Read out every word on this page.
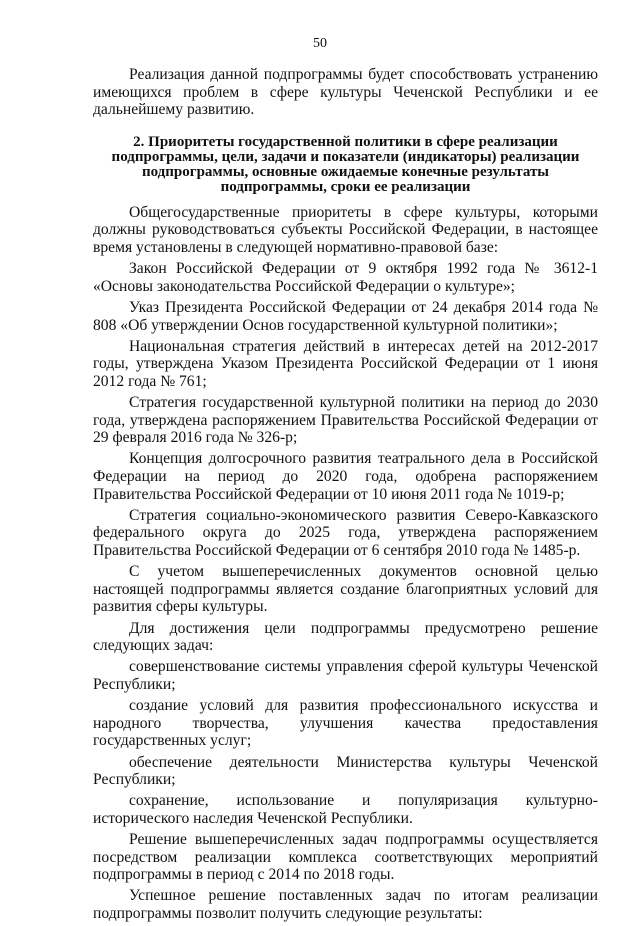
50

Реализация данной подпрограммы будет способствовать устранению имеющихся проблем в сфере культуры Чеченской Республики и ее дальнейшему развитию.

2. Приоритеты государственной политики в сфере реализации
подпрограммы, цели, задачи и показатели (индикаторы) реализации
подпрограммы, основные ожидаемые конечные результаты
подпрограммы, сроки ее реализации

Общегосударственные приоритеты в сфере культуры, которыми должны руководствоваться субъекты Российской Федерации, в настоящее время установлены в следующей нормативно-правовой базе:

Закон Российской Федерации от 9 октября 1992 года № 3612-1 «Основы законодательства Российской Федерации о культуре»;

Указ Президента Российской Федерации от 24 декабря 2014 года № 808 «Об утверждении Основ государственной культурной политики»;

Национальная стратегия действий в интересах детей на 2012-2017 годы, утверждена Указом Президента Российской Федерации от 1 июня 2012 года № 761;

Стратегия государственной культурной политики на период до 2030 года, утверждена распоряжением Правительства Российской Федерации от 29 февраля 2016 года № 326-р;

Концепция долгосрочного развития театрального дела в Российской Федерации на период до 2020 года, одобрена распоряжением Правительства Российской Федерации от 10 июня 2011 года № 1019-р;

Стратегия социально-экономического развития Северо-Кавказского федерального округа до 2025 года, утверждена распоряжением Правительства Российской Федерации от 6 сентября 2010 года № 1485-р.

С учетом вышеперечисленных документов основной целью настоящей подпрограммы является создание благоприятных условий для развития сферы культуры.

Для достижения цели подпрограммы предусмотрено решение следующих задач:

совершенствование системы управления сферой культуры Чеченской Республики;

создание условий для развития профессионального искусства и народного творчества, улучшения качества предоставления государственных услуг;

обеспечение деятельности Министерства культуры Чеченской Республики;

сохранение, использование и популяризация культурно-исторического наследия Чеченской Республики.

Решение вышеперечисленных задач подпрограммы осуществляется посредством реализации комплекса соответствующих мероприятий подпрограммы в период с 2014 по 2018 годы.

Успешное решение поставленных задач по итогам реализации подпрограммы позволит получить следующие результаты:
